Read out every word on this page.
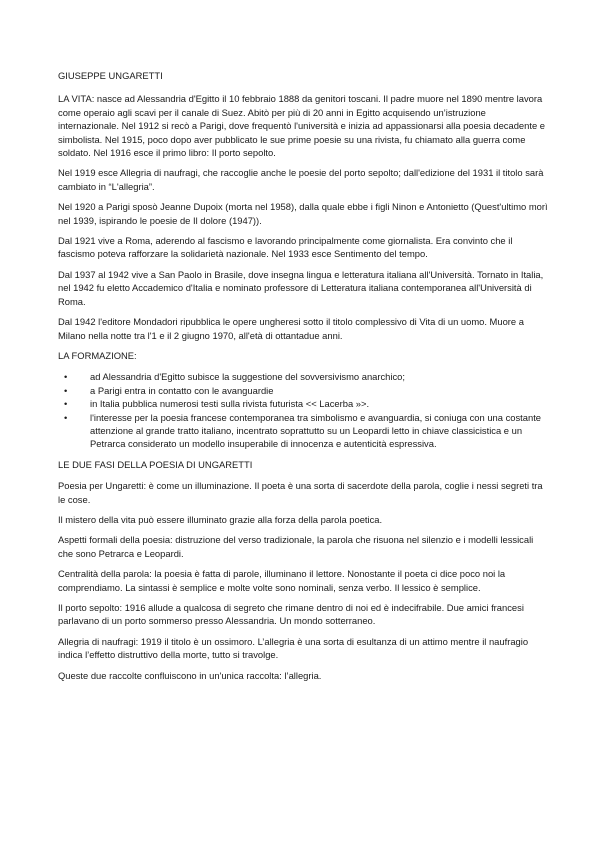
GIUSEPPE UNGARETTI

LA VITA: nasce ad Alessandria d'Egitto il 10 febbraio 1888 da genitori toscani. Il padre muore nel 1890 mentre lavora come operaio agli scavi per il canale di Suez. Abitò per più di 20 anni in Egitto acquisendo un’istruzione internazionale. Nel 1912 si recò a Parigi, dove frequentò l'università e inizia ad appassionarsi alla poesia decadente e simbolista. Nel 1915, poco dopo aver pubblicato le sue prime poesie su una rivista, fu chiamato alla guerra come soldato. Nel 1916 esce il primo libro: Il porto sepolto.

Nel 1919 esce Allegria di naufragi, che raccoglie anche le poesie del porto sepolto; dall'edizione del 1931 il titolo sarà cambiato in “L'allegria”.

Nel 1920 a Parigi sposò Jeanne Dupoix (morta nel 1958), dalla quale ebbe i figli Ninon e Antonietto (Quest'ultimo morì nel 1939, ispirando le poesie de Il dolore (1947)).

Dal 1921 vive a Roma, aderendo al fascismo e lavorando principalmente come giornalista. Era convinto che il fascismo poteva rafforzare la solidarietà nazionale. Nel 1933 esce Sentimento del tempo.

Dal 1937 al 1942 vive a San Paolo in Brasile, dove insegna lingua e letteratura italiana all'Università. Tornato in Italia, nel 1942 fu eletto Accademico d'Italia e nominato professore di Letteratura italiana contemporanea all'Università di Roma.

Dal 1942 l'editore Mondadori ripubblica le opere ungheresi sotto il titolo complessivo di Vita di un uomo. Muore a Milano nella notte tra l'1 e il 2 giugno 1970, all'età di ottantadue anni.

LA FORMAZIONE:

• ad Alessandria d'Egitto subisce la suggestione del sovversivismo anarchico;
• a Parigi entra in contatto con le avanguardie
• in Italia pubblica numerosi testi sulla rivista futurista << Lacerba »>.
• l'interesse per la poesia francese contemporanea tra simbolismo e avanguardia, si coniuga con una costante attenzione al grande tratto italiano, incentrato soprattutto su un Leopardi letto in chiave classicistica e un Petrarca considerato un modello insuperabile di innocenza e autenticità espressiva.

LE DUE FASI DELLA POESIA DI UNGARETTI

Poesia per Ungaretti: è come un illuminazione. Il poeta è una sorta di sacerdote della parola, coglie i nessi segreti tra le cose.

Il mistero della vita può essere illuminato grazie alla forza della parola poetica.

Aspetti formali della poesia: distruzione del verso tradizionale, la parola che risuona nel silenzio e i modelli lessicali che sono Petrarca e Leopardi.

Centralità della parola: la poesia è fatta di parole, illuminano il lettore. Nonostante il poeta ci dice poco noi la comprendiamo. La sintassi è semplice e molte volte sono nominali, senza verbo. Il lessico è semplice.

Il porto sepolto: 1916 allude a qualcosa di segreto che rimane dentro di noi ed è indecifrabile. Due amici francesi parlavano di un porto sommerso presso Alessandria. Un mondo sotterraneo.

Allegria di naufragi: 1919 il titolo è un ossimoro. L’allegria è una sorta di esultanza di un attimo mentre il naufragio indica l’effetto distruttivo della morte, tutto si travolge.

Queste due raccolte confluiscono in un'unica raccolta: l’allegria.
